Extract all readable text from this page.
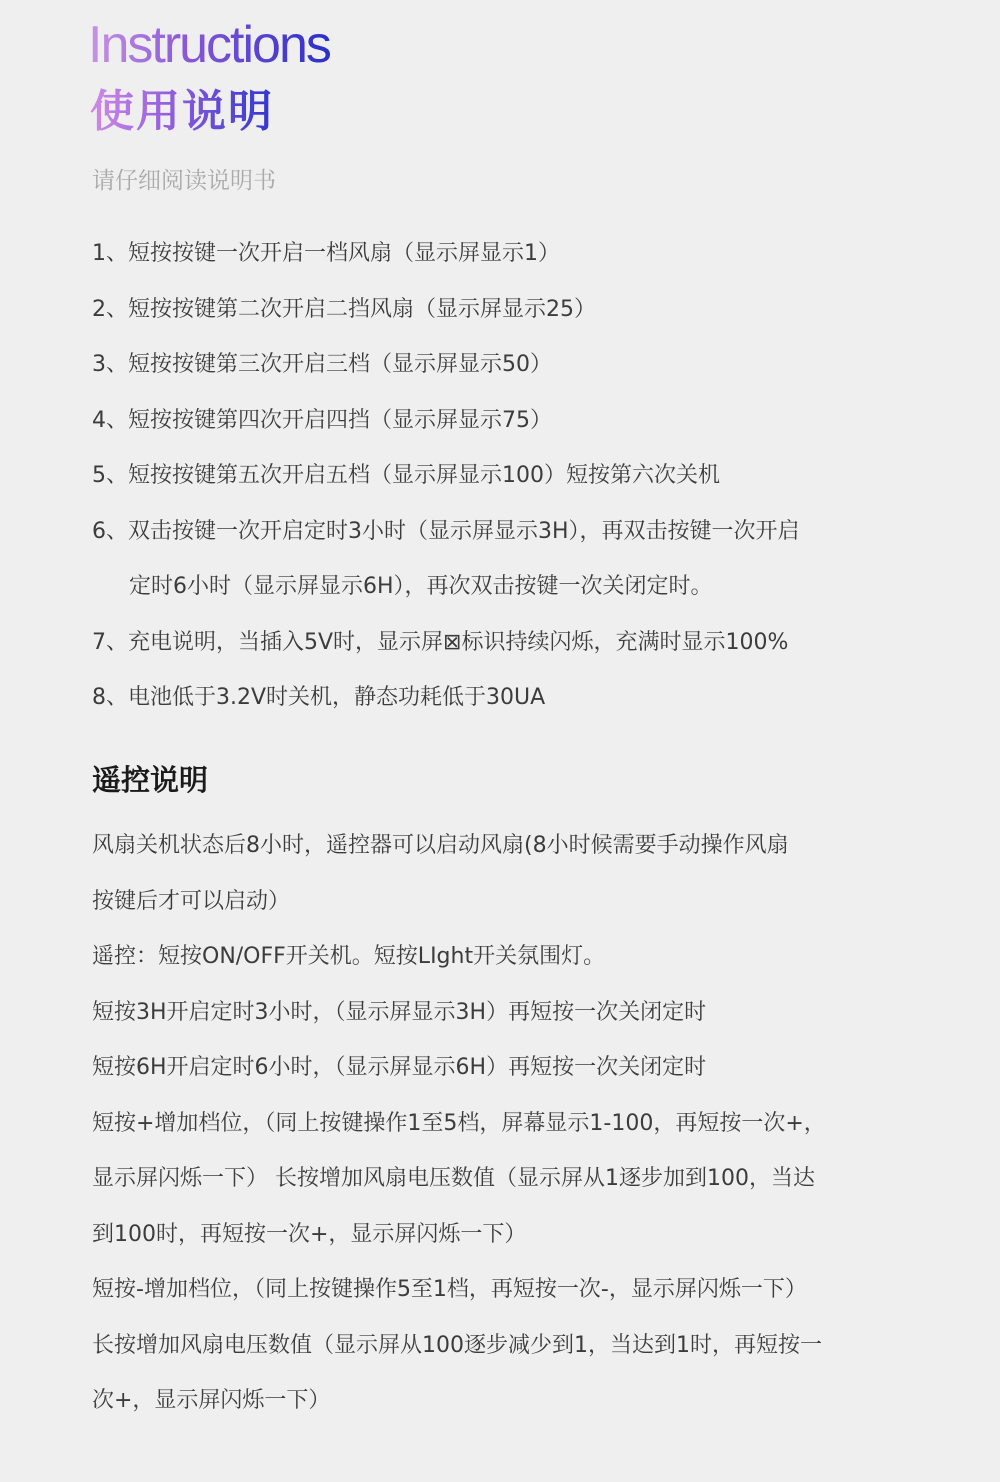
Instructions
使用说明
请仔细阅读说明书
1、短按按键一次开启一档风扇（显示屏显示1）
2、短按按键第二次开启二挡风扇（显示屏显示25）
3、短按按键第三次开启三档（显示屏显示50）
4、短按按键第四次开启四挡（显示屏显示75）
5、短按按键第五次开启五档（显示屏显示100）短按第六次关机
6、双击按键一次开启定时3小时（显示屏显示3H），再双击按键一次开启
定时6小时（显示屏显示6H），再次双击按键一次关闭定时。
7、充电说明，当插入5V时，显示屏⊠标识持续闪烁，充满时显示100%
8、电池低于3.2V时关机，静态功耗低于30UA
遥控说明
风扇关机状态后8小时，遥控器可以启动风扇(8小时候需要手动操作风扇
按键后才可以启动）
遥控：短按ON/OFF开关机。短按LIght开关氛围灯。
短按3H开启定时3小时，（显示屏显示3H）再短按一次关闭定时
短按6H开启定时6小时，（显示屏显示6H）再短按一次关闭定时
短按+增加档位，（同上按键操作1至5档，屏幕显示1-100，再短按一次+，
显示屏闪烁一下） 长按增加风扇电压数值（显示屏从1逐步加到100，当达
到100时，再短按一次+，显示屏闪烁一下）
短按-增加档位，（同上按键操作5至1档，再短按一次-，显示屏闪烁一下）
长按增加风扇电压数值（显示屏从100逐步减少到1，当达到1时，再短按一
次+，显示屏闪烁一下）
